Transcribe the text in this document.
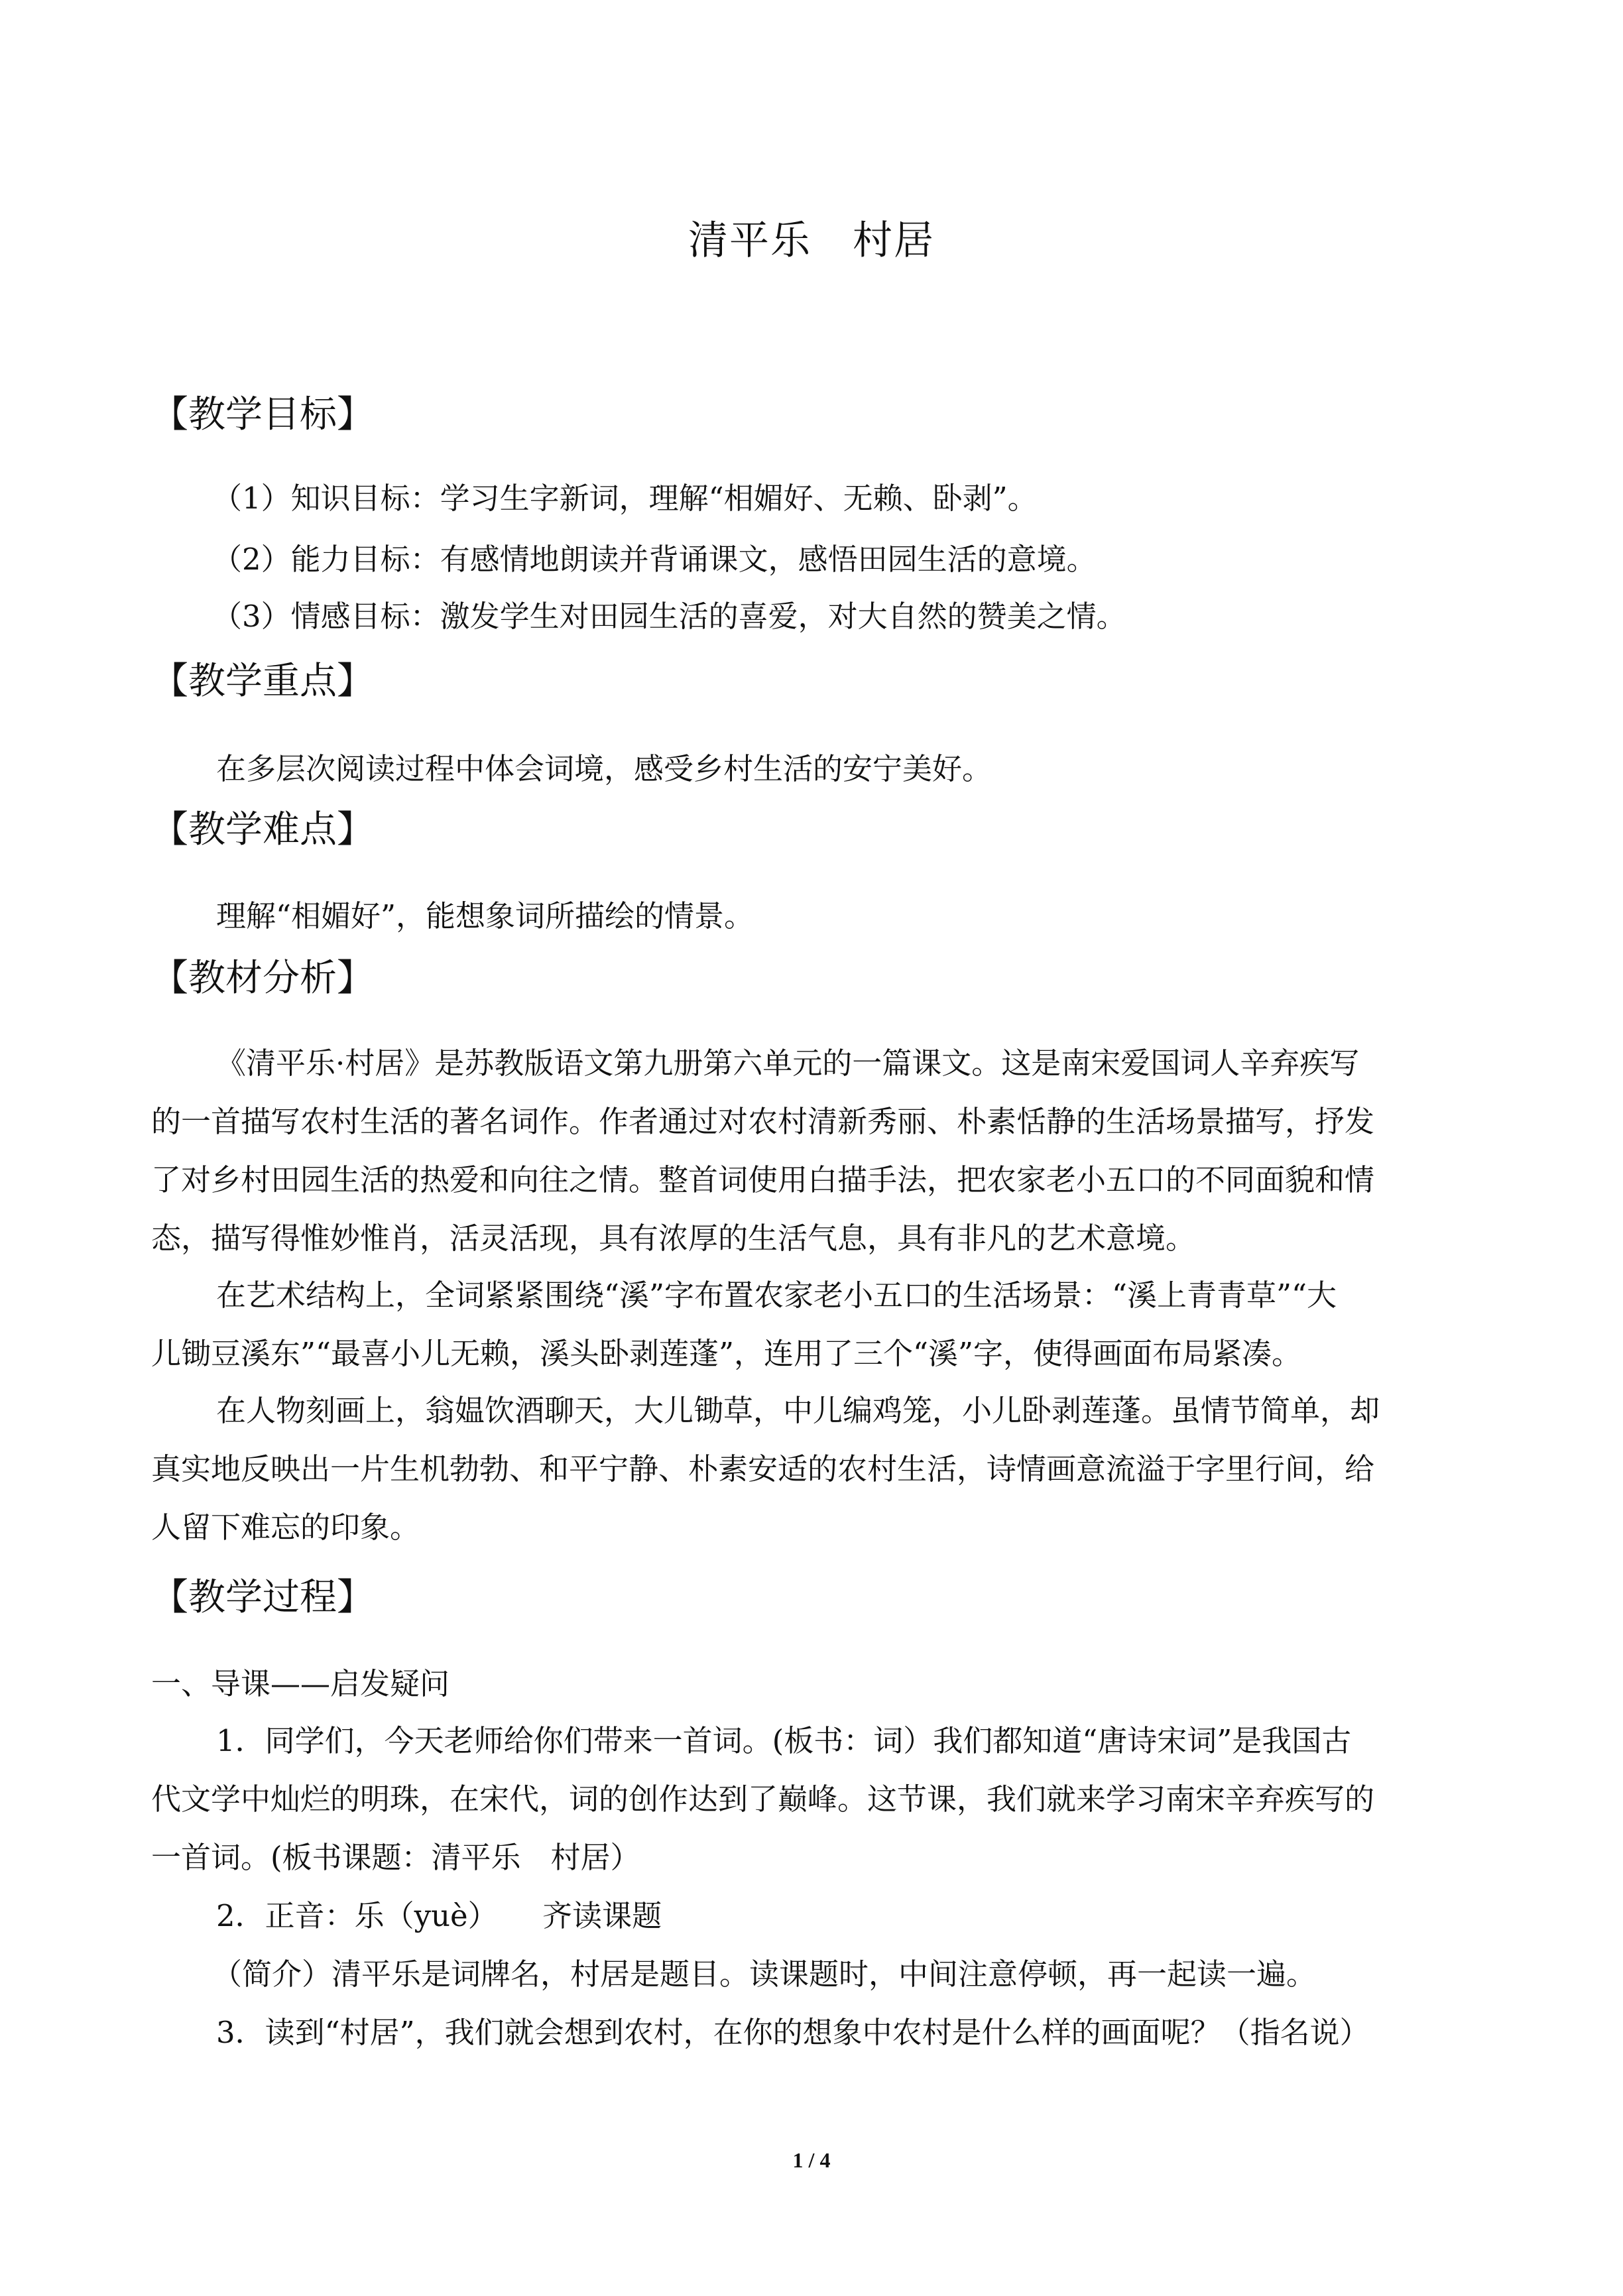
清平乐　村居
【教学目标】
（1）知识目标：学习生字新词，理解“相媚好、无赖、卧剥”。
（2）能力目标：有感情地朗读并背诵课文，感悟田园生活的意境。
（3）情感目标：激发学生对田园生活的喜爱，对大自然的赞美之情。
【教学重点】
在多层次阅读过程中体会词境，感受乡村生活的安宁美好。
【教学难点】
理解“相媚好”，能想象词所描绘的情景。
【教材分析】
《清平乐·村居》是苏教版语文第九册第六单元的一篇课文。这是南宋爱国词人辛弃疾写
的一首描写农村生活的著名词作。作者通过对农村清新秀丽、朴素恬静的生活场景描写，抒发
了对乡村田园生活的热爱和向往之情。整首词使用白描手法，把农家老小五口的不同面貌和情
态，描写得惟妙惟肖，活灵活现，具有浓厚的生活气息，具有非凡的艺术意境。
在艺术结构上，全词紧紧围绕“溪”字布置农家老小五口的生活场景：“溪上青青草”“大
儿锄豆溪东”“最喜小儿无赖，溪头卧剥莲蓬”，连用了三个“溪”字，使得画面布局紧凑。
在人物刻画上，翁媪饮酒聊天，大儿锄草，中儿编鸡笼，小儿卧剥莲蓬。虽情节简单，却
真实地反映出一片生机勃勃、和平宁静、朴素安适的农村生活，诗情画意流溢于字里行间，给
人留下难忘的印象。
【教学过程】
一、导课——启发疑问
1．同学们，今天老师给你们带来一首词。(板书：词）我们都知道“唐诗宋词”是我国古
代文学中灿烂的明珠，在宋代，词的创作达到了巅峰。这节课，我们就来学习南宋辛弃疾写的
一首词。(板书课题：清平乐　村居）
2．正音：乐（yuè）　　齐读课题
（简介）清平乐是词牌名，村居是题目。读课题时，中间注意停顿，再一起读一遍。
3．读到“村居”，我们就会想到农村，在你的想象中农村是什么样的画面呢？（指名说）
1 / 4
